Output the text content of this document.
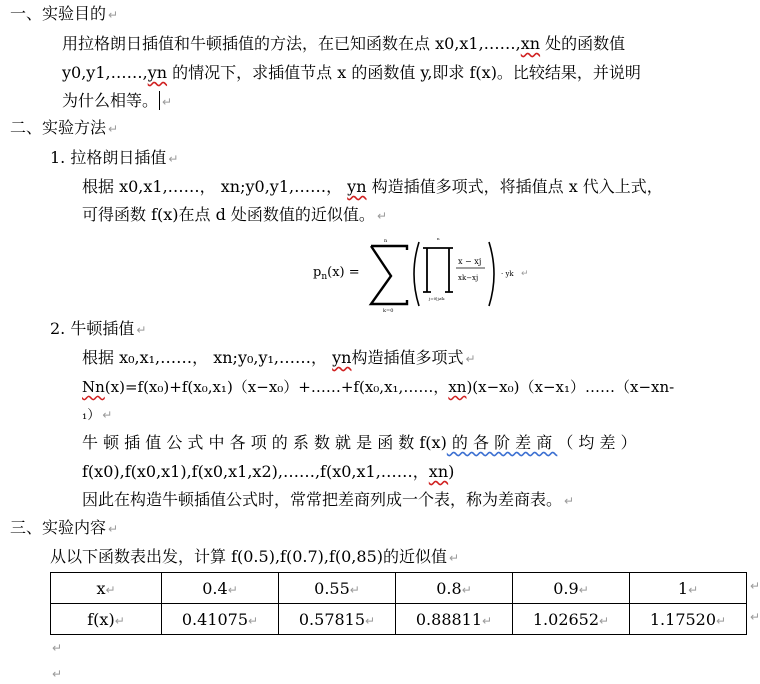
一、实验目的 ↵
用拉格朗日插值和牛顿插值的方法，在已知函数在点 x0,x1,……,xn 处的函数值
y0,y1,……,yn 的情况下，求插值节点 x 的函数值 y,即求 f(x)。比较结果，并说明
为什么相等。 ↵
二、实验方法 ↵
1. 拉格朗日插值 ↵
根据 x0,x1,……， xn;y0,y1,……， yn 构造插值多项式，将插值点 x 代入上式，
可得函数 f(x)在点 d 处函数值的近似值。 ↵
$p_n(x)$ =
n
k=0
n
j=0|j≠k
x − xj
xk−xj	· yk ↵
2. 牛顿插值 ↵
根据 x₀,x₁,……， xn;y₀,y₁,……， yn构造插值多项式 ↵
Nn(x)=f(x₀)+f(x₀,x₁)（x−x₀）+……+f(x₀,x₁,……，xn)(x−x₀)（x−x₁）……（x−xn-
₁） ↵
牛 顿 插 值 公 式 中 各 项 的 系 数 就 是 函 数 f(x) 的 各 阶 差 商 （ 均 差 ）
f(x0),f(x0,x1),f(x0,x1,x2),……,f(x0,x1,……，xn)
因此在构造牛顿插值公式时，常常把差商列成一个表，称为差商表。 ↵
三、实验内容 ↵
从以下函数表出发，计算 f(0.5),f(0.7),f(0,85)的近似值 ↵
x↵	0.4↵	0.55↵	0.8↵	0.9↵	1↵
f(x)↵	0.41075↵	0.57815↵	0.88811↵	1.02652↵	1.17520↵
↵
↵
↵
↵
